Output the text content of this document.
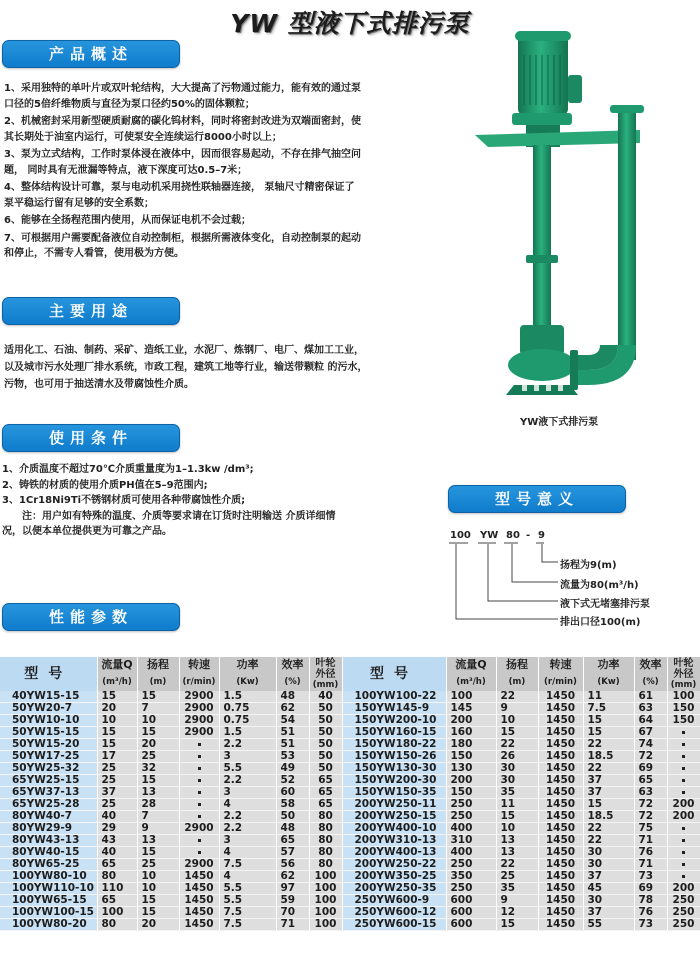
YW 型液下式排污泵
产品概述

1、采用独特的单叶片或双叶轮结构，大大提高了污物通过能力，能有效的通过泵口径的5倍纤维物质与直径为泵口径约50%的固体颗粒；

2、机械密封采用新型硬质耐腐的碳化钨材料，同时将密封改进为双端面密封，使其长期处于油室内运行，可使泵安全连续运行8000小时以上；

3、泵为立式结构，工作时泵体浸在液体中，因而很容易起动，不存在排气抽空问题， 同时具有无泄漏等特点，液下深度可达0.5–7米；

4、整体结构设计可靠，泵与电动机采用挠性联轴器连接， 泵轴尺寸精密保证了泵平稳运行留有足够的安全系数；

6、能够在全扬程范围内使用，从而保证电机不会过载；

7、可根据用户需要配备液位自动控制柜，根据所需液体变化，自动控制泵的起动和停止，不需专人看管，使用极为方便。

主要用途
适用化工、石油、制药、采矿、造纸工业，水泥厂、炼钢厂、电厂、煤加工工业，以及城市污水处理厂排水系统，市政工程，建筑工地等行业，输送带颗粒 的污水，污物，也可用于抽送清水及带腐蚀性介质。
使用条件
1、介质温度不超过70℃介质重量度为1–1.3kw /dm³;
2、铸铁的材质的使用介质PH值在5–9范围内;
3、1Cr18Ni9Ti不锈钢材质可使用各种带腐蚀性介质;
注：用户如有特殊的温度、介质等要求请在订货时注明输送 介质详细情
况，以便本单位提供更为可靠之产品。
YW液下式排污泵
型号意义
100 YW 80 - 9
扬程为9(m)
流量为80(m³/h)
液下式无堵塞排污泵
排出口径100(m)
性能参数
型号	流量Q
(m³/h)	扬程
(m)	转速
(r/min)	功率
(Kw)	效率
(%)	叶轮
外径
(mm)	型号	流量Q
(m³/h)	扬程
(m)	转速
(r/min)	功率
(Kw)	效率
(%)	叶轮
外径
(mm)

40YW15-15	15	15	2900	1.5	48	40	100YW100-22	100	22	1450	11	61	100
50YW20-7	20	7	2900	0.75	62	50	150YW145-9	145	9	1450	7.5	63	150
50YW10-10	10	10	2900	0.75	54	50	150YW200-10	200	10	1450	15	64	150
50YW15-15	15	15	2900	1.5	51	50	150YW160-15	160	15	1450	15	67	
50YW15-20	15	20		2.2	51	50	150YW180-22	180	22	1450	22	74	
50YW17-25	17	25		3	53	50	150YW150-26	150	26	1450	18.5	72	
50YW25-32	25	32		5.5	49	50	150YW130-30	130	30	1450	22	69	
65YW25-15	25	15		2.2	52	65	150YW200-30	200	30	1450	37	65	
65YW37-13	37	13		3	60	65	150YW150-35	150	35	1450	37	63	
65YW25-28	25	28		4	58	65	200YW250-11	250	11	1450	15	72	200
80YW40-7	40	7		2.2	50	80	200YW250-15	250	15	1450	18.5	72	200
80YW29-9	29	9	2900	2.2	48	80	200YW400-10	400	10	1450	22	75	
80YW43-13	43	13		3	65	80	200YW310-13	310	13	1450	22	71	
80YW40-15	40	15		4	57	80	200YW400-13	400	13	1450	30	76	
80YW65-25	65	25	2900	7.5	56	80	200YW250-22	250	22	1450	30	71	
100YW80-10	80	10	1450	4	62	100	200YW350-25	350	25	1450	37	73	
100YW110-10	110	10	1450	5.5	97	100	200YW250-35	250	35	1450	45	69	200
100YW65-15	65	15	1450	5.5	59	100	250YW600-9	600	9	1450	30	78	250
100YW100-15	100	15	1450	7.5	70	100	250YW600-12	600	12	1450	37	76	250
100YW80-20	80	20	1450	7.5	71	100	250YW600-15	600	15	1450	55	73	250
